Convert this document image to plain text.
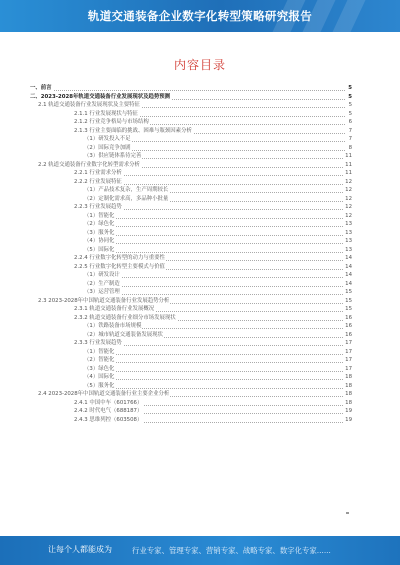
轨道交通装备企业数字化转型策略研究报告
内容目录
一、前言	5
二、2023-2028年轨道交通装备行业发展现状及趋势预测	5
2.1 轨道交通装备行业发展现状及主要特征	5
2.1.1 行业发展现状与特征	5
2.1.2 行业竞争格局与市场结构	6
2.1.3 行业主要面临的挑战、困难与瓶颈因素分析	7
（1）研发投入不足	7
（2）国际竞争加剧	8
（3）供应链体系待完善	11
2.2 轨道交通装备行业数字化转型需求分析	11
2.2.1 行业需求分析	11
2.2.2 行业发展特征	12
（1）产品技术复杂，生产周期较长	12
（2）定制化需求高，多品种小批量	12
2.2.3 行业发展趋势	12
（1）智能化	12
（2）绿色化	13
（3）服务化	13
（4）协同化	13
（5）国际化	13
2.2.4 行业数字化转型的动力与重要性	14
2.2.5 行业数字化转型主要模式与价值	14
（1）研发设计	14
（2）生产制造	14
（3）运营管理	15
2.3 2023-2028年中国轨道交通装备行业发展趋势分析	15
2.3.1 轨道交通装备行业发展概况	15
2.3.2 轨道交通装备行业细分市场发展现状	16
（1）铁路装备市场规模	16
（2）城市轨道交通装备发展现状	16
2.3.3 行业发展趋势	17
（1）智能化	17
（2）智能化	17
（3）绿色化	17
（4）国际化	18
（5）服务化	18
2.4 2023-2028年中国轨道交通装备行业主要企业分析	18
2.4.1 中国中车（601766）	18
2.4.2 时代电气（688187）	19
2.4.3 思维列控（603508）	19
让每个人都能成为	行业专家、管理专家、营销专家、战略专家、数字化专家......
